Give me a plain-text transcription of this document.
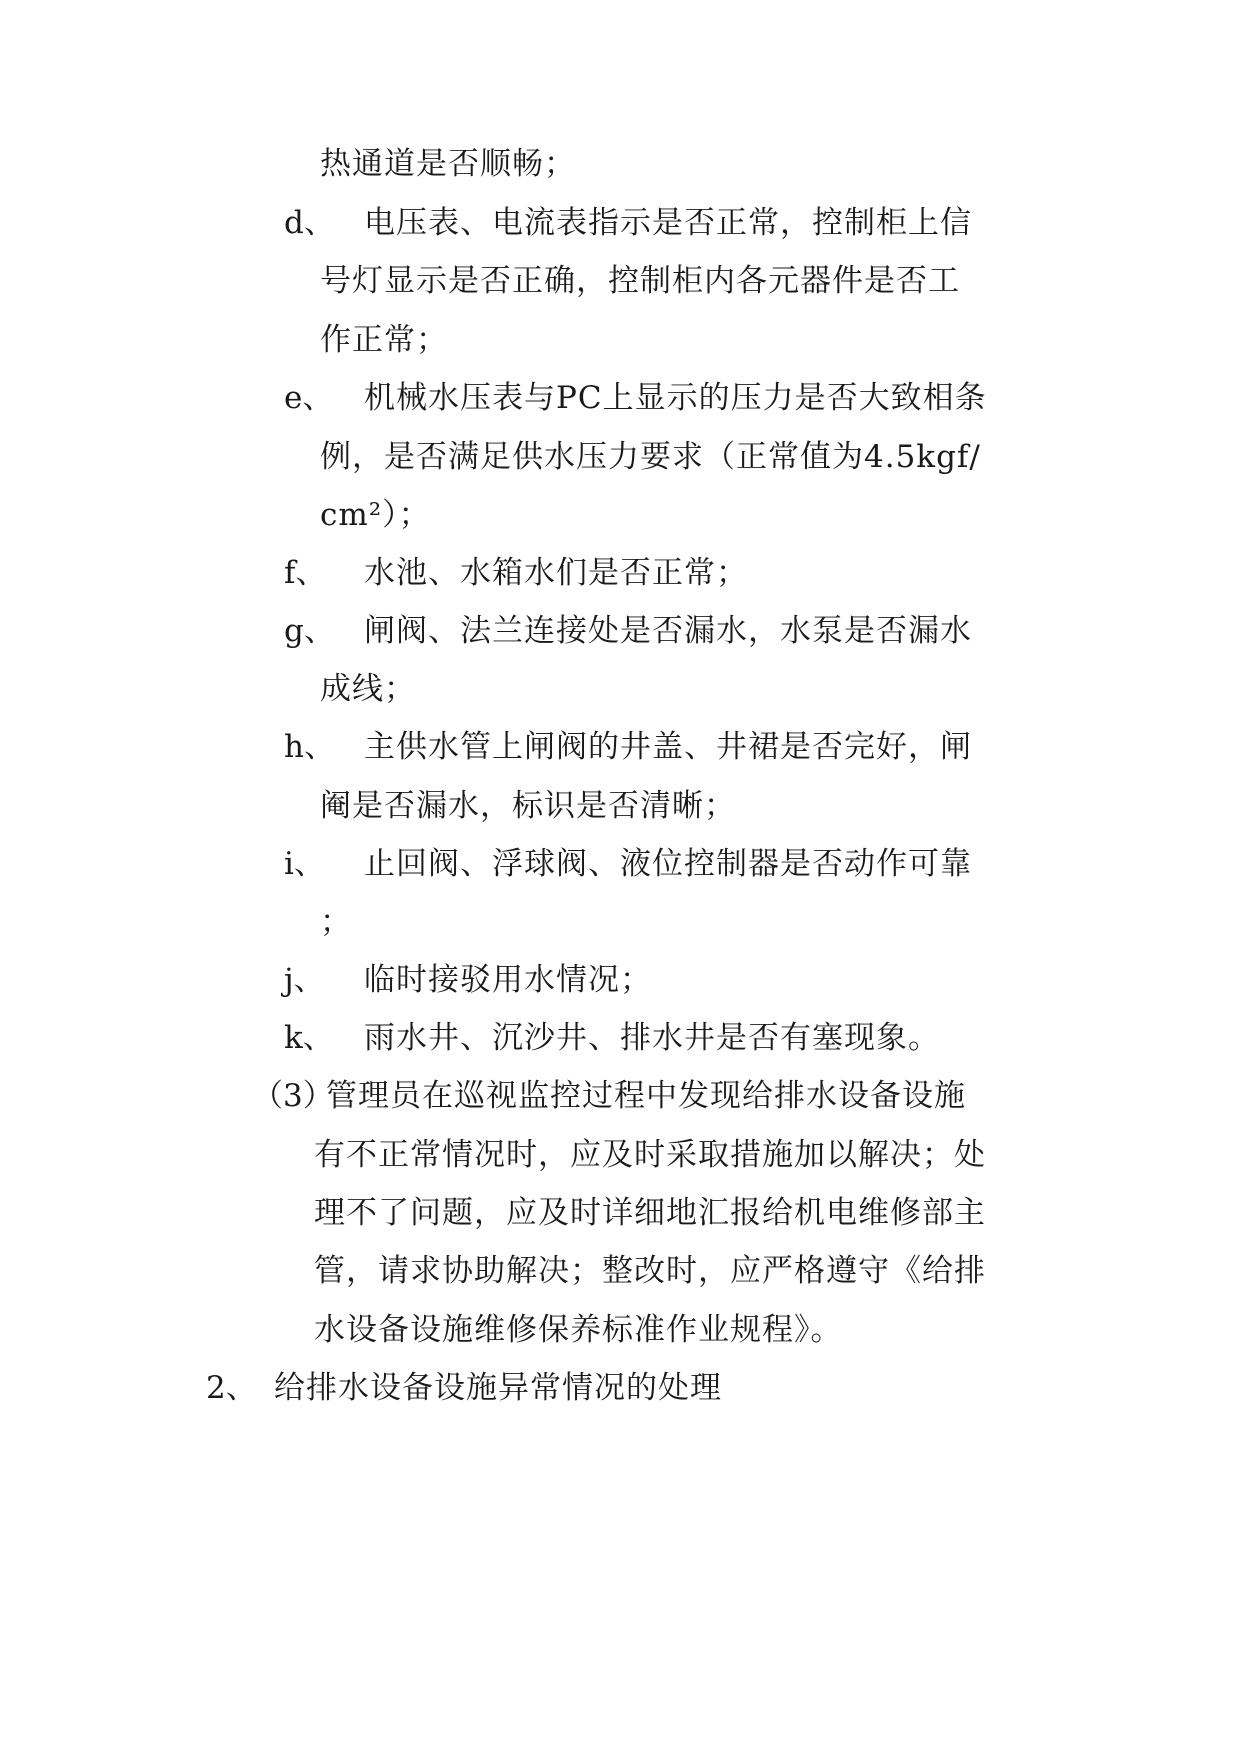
热通道是否顺畅；
d、 电压表、电流表指示是否正常，控制柜上信
号灯显示是否正确，控制柜内各元器件是否工
作正常；
e、 机械水压表与PC上显示的压力是否大致相条
例，是否满足供水压力要求（正常值为4.5kgf/
cm²）；
f、 水池、水箱水们是否正常；
g、 闸阀、法兰连接处是否漏水，水泵是否漏水
成线；
h、 主供水管上闸阀的井盖、井裙是否完好，闸
阉是否漏水，标识是否清晰；
i、 止回阀、浮球阀、液位控制器是否动作可靠
；
j、 临时接驳用水情况；
k、 雨水井、沉沙井、排水井是否有塞现象。
（3）
管理员在巡视监控过程中发现给排水设备设施
有不正常情况时，应及时采取措施加以解决；处
理不了问题，应及时详细地汇报给机电维修部主
管，请求协助解决；整改时，应严格遵守《给排
水设备设施维修保养标准作业规程》。
2、 给排水设备设施异常情况的处理
